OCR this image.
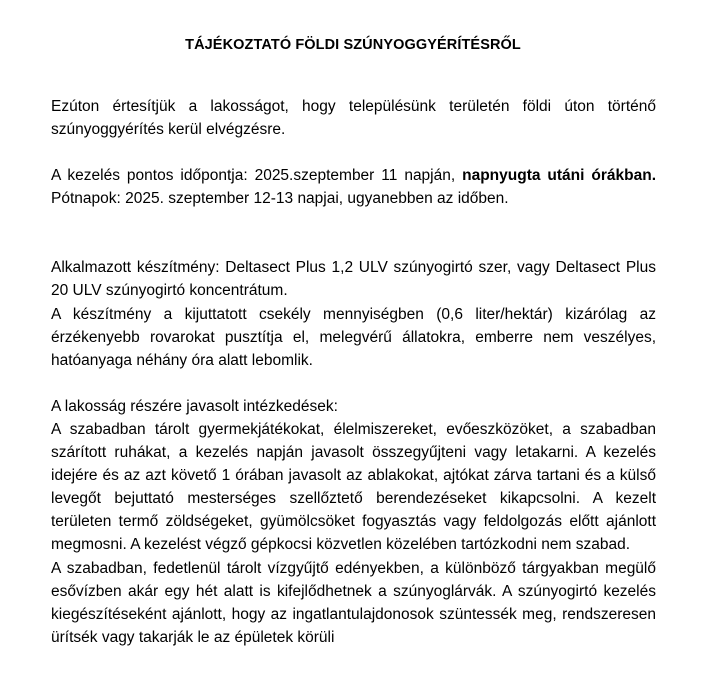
TÁJÉKOZTATÓ FÖLDI SZÚNYOGGYÉRÍTÉSRŐL

Ezúton értesítjük a lakosságot, hogy településünk területén földi úton történő szúnyoggyérítés kerül elvégzésre.

A kezelés pontos időpontja: 2025.szeptember 11 napján, napnyugta utáni órákban. Pótnapok: 2025. szeptember 12-13 napjai, ugyanebben az időben.

Alkalmazott készítmény: Deltasect Plus 1,2 ULV szúnyogirtó szer, vagy Deltasect Plus 20 ULV szúnyogirtó koncentrátum.

A készítmény a kijuttatott csekély mennyiségben (0,6 liter/hektár) kizárólag az érzékenyebb rovarokat pusztítja el, melegvérű állatokra, emberre nem veszélyes, hatóanyaga néhány óra alatt lebomlik.

A lakosság részére javasolt intézkedések:

A szabadban tárolt gyermekjátékokat, élelmiszereket, evőeszközöket, a szabadban szárított ruhákat, a kezelés napján javasolt összegyűjteni vagy letakarni. A kezelés idejére és az azt követő 1 órában javasolt az ablakokat, ajtókat zárva tartani és a külső levegőt bejuttató mesterséges szellőztető berendezéseket kikapcsolni. A kezelt területen termő zöldségeket, gyümölcsöket fogyasztás vagy feldolgozás előtt ajánlott megmosni. A kezelést végző gépkocsi közvetlen közelében tartózkodni nem szabad.

A szabadban, fedetlenül tárolt vízgyűjtő edényekben, a különböző tárgyakban megülő esővízben akár egy hét alatt is kifejlődhetnek a szúnyoglárvák. A szúnyogirtó kezelés kiegészítéseként ajánlott, hogy az ingatlantulajdonosok szüntessék meg, rendszeresen ürítsék vagy takarják le az épületek körüli
